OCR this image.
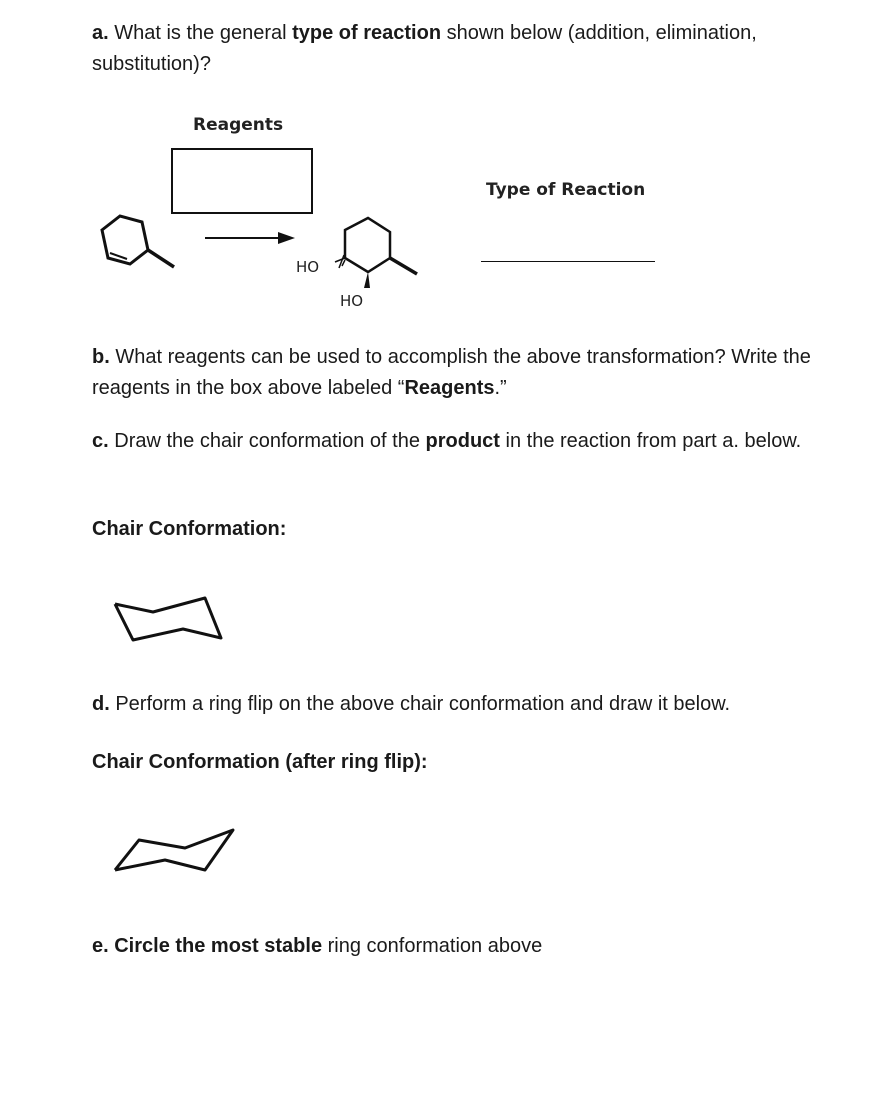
a. What is the general type of reaction shown below (addition, elimination, substitution)?

Reagents
Type of Reaction
HO
HO

b. What reagents can be used to accomplish the above transformation? Write the reagents in the box above labeled “Reagents.”

c. Draw the chair conformation of the product in the reaction from part a. below.

Chair Conformation:

d. Perform a ring flip on the above chair conformation and draw it below.

Chair Conformation (after ring flip):

e. Circle the most stable ring conformation above
